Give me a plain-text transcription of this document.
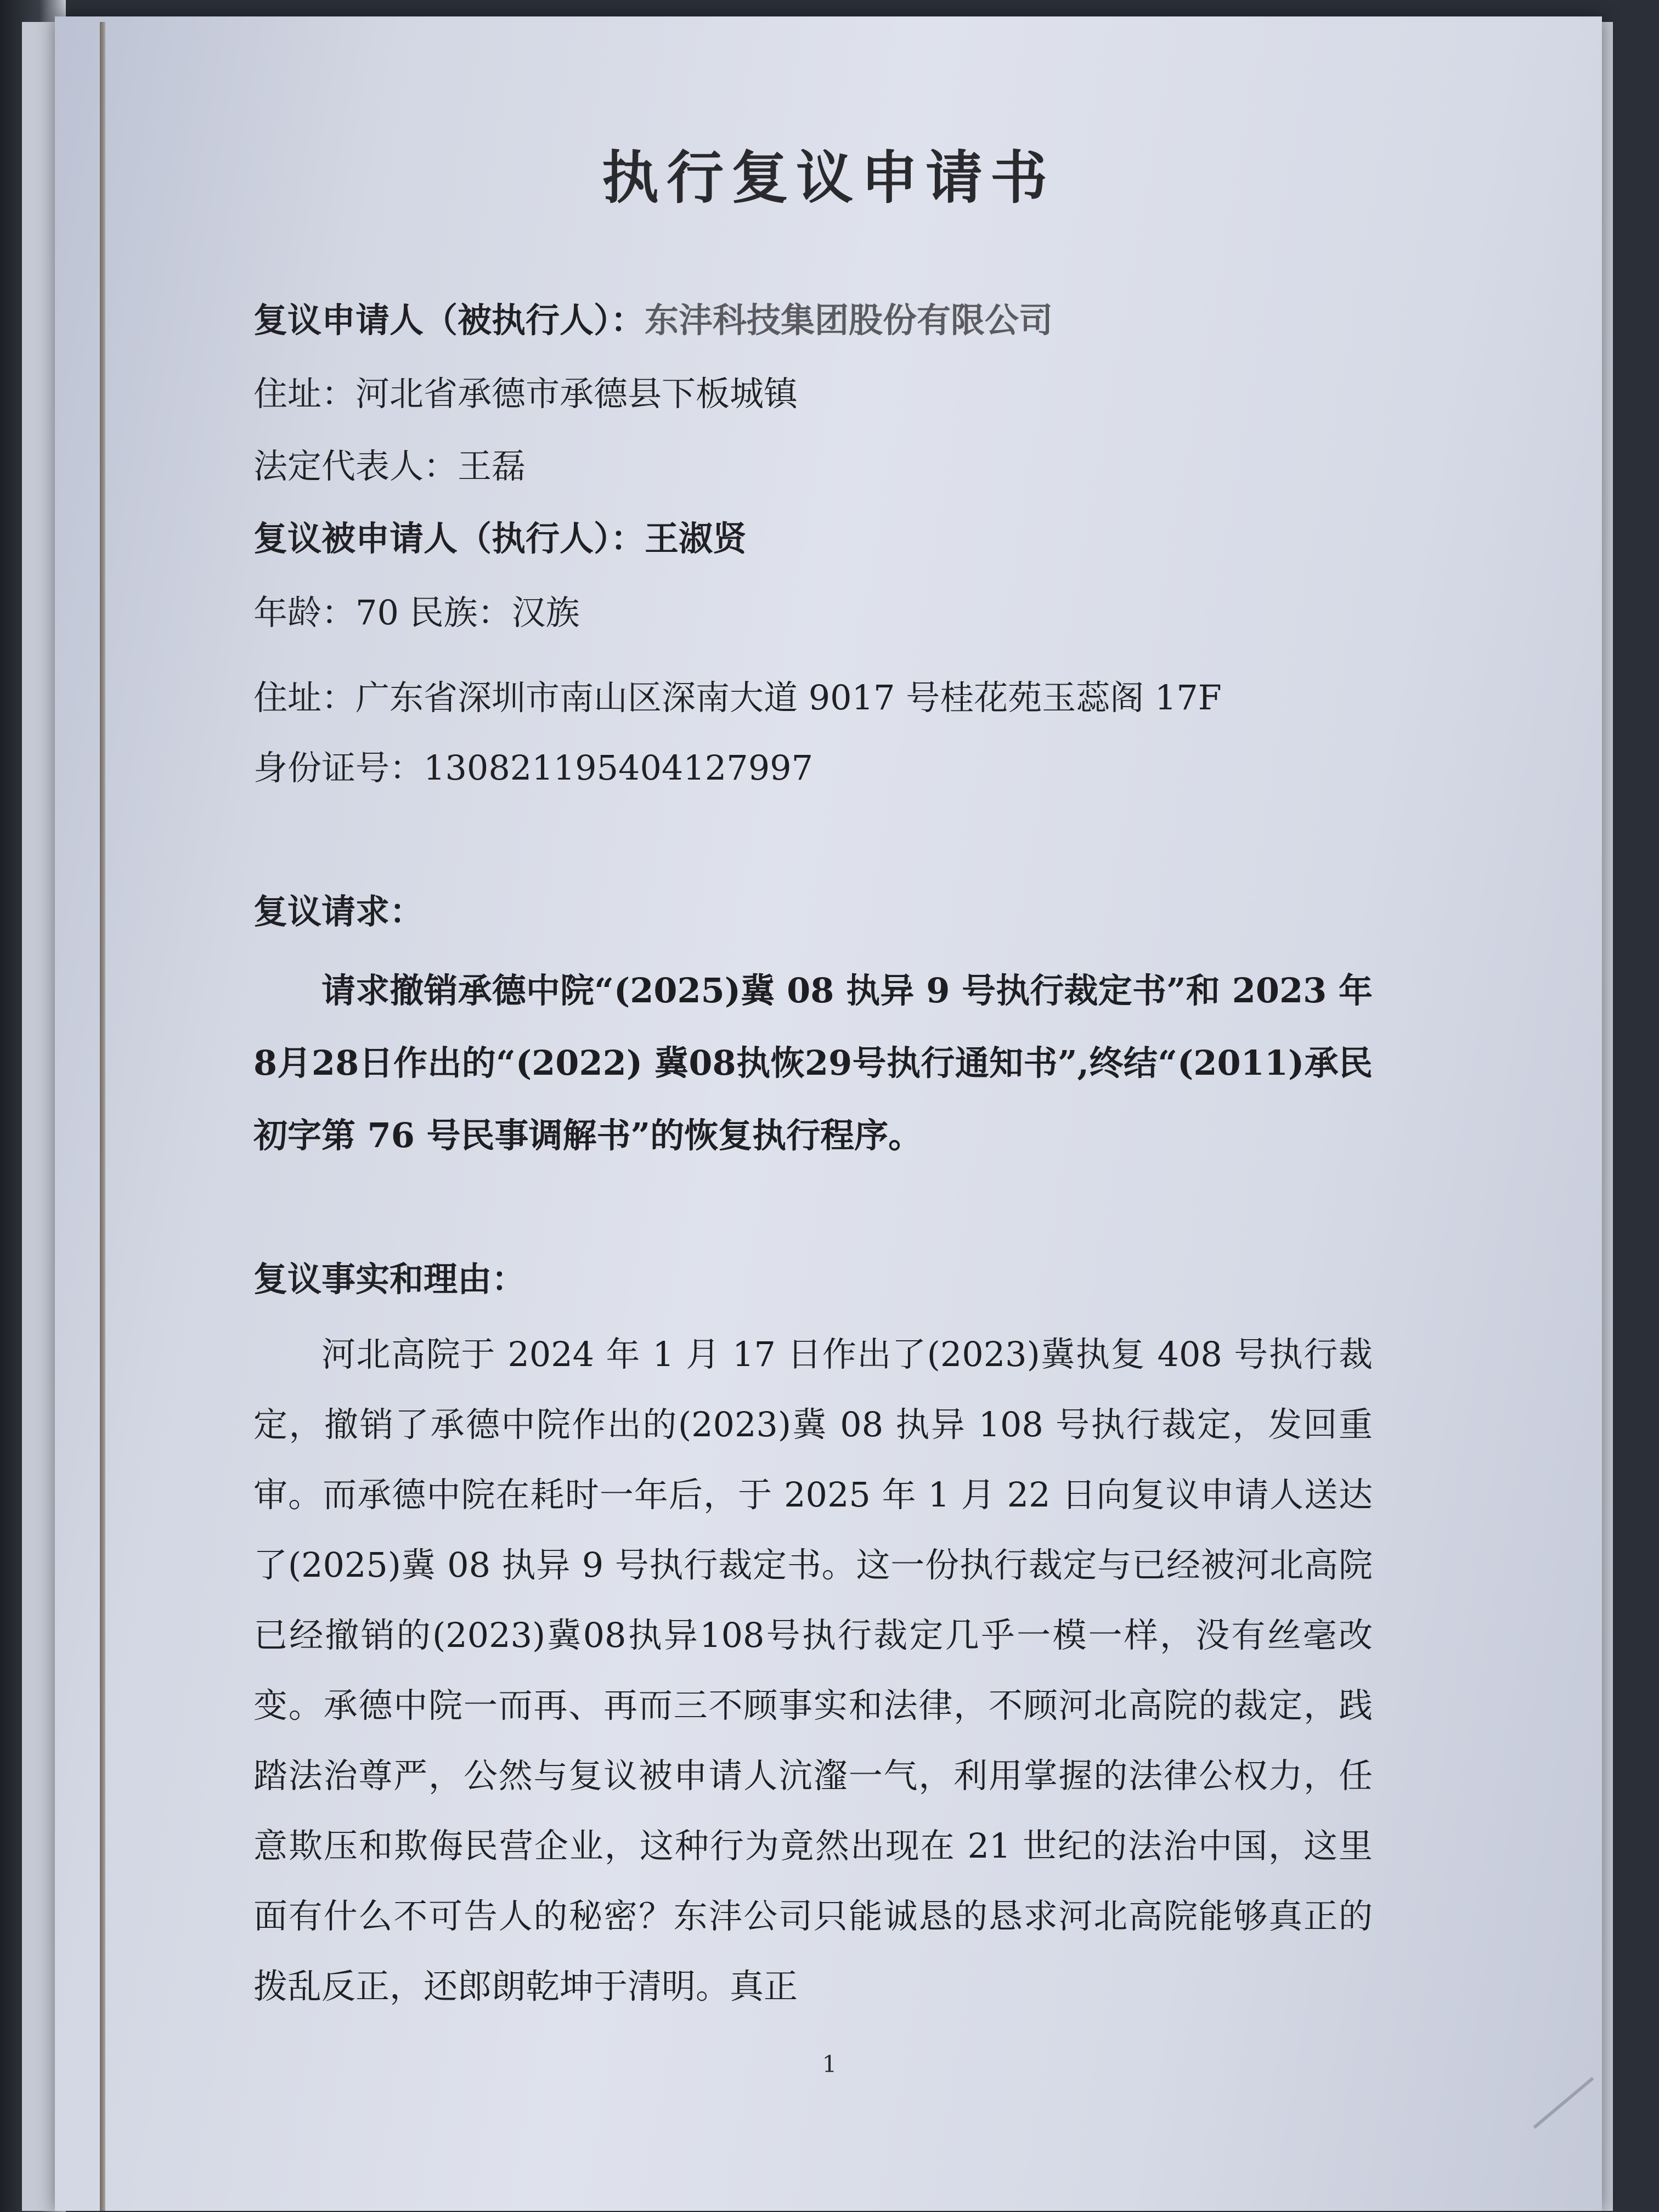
执行复议申请书
复议申请人（被执行人）：东沣科技集团股份有限公司
住址：河北省承德市承德县下板城镇
法定代表人：王磊
复议被申请人（执行人）：王淑贤
年龄：70 民族：汉族
住址：广东省深圳市南山区深南大道 9017 号桂花苑玉蕊阁 17F
身份证号：130821195404127997
复议请求：

请求撤销承德中院“(2025)冀 08 执异 9 号执行裁定书”和 2023 年8月28日作出的“(2022) 冀08执恢29号执行通知书”,终结“(2011)承民初字第 76 号民事调解书”的恢复执行程序。

复议事实和理由：

河北高院于 2024 年 1 月 17 日作出了(2023)冀执复 408 号执行裁定，撤销了承德中院作出的(2023)冀 08 执异 108 号执行裁定，发回重审。而承德中院在耗时一年后，于 2025 年 1 月 22 日向复议申请人送达了(2025)冀 08 执异 9 号执行裁定书。这一份执行裁定与已经被河北高院已经撤销的(2023)冀08执异108号执行裁定几乎一模一样，没有丝毫改变。承德中院一而再、再而三不顾事实和法律，不顾河北高院的裁定，践踏法治尊严，公然与复议被申请人沆瀣一气，利用掌握的法律公权力，任意欺压和欺侮民营企业，这种行为竟然出现在 21 世纪的法治中国，这里面有什么不可告人的秘密？东沣公司只能诚恳的恳求河北高院能够真正的拨乱反正，还郎朗乾坤于清明。真正

1
